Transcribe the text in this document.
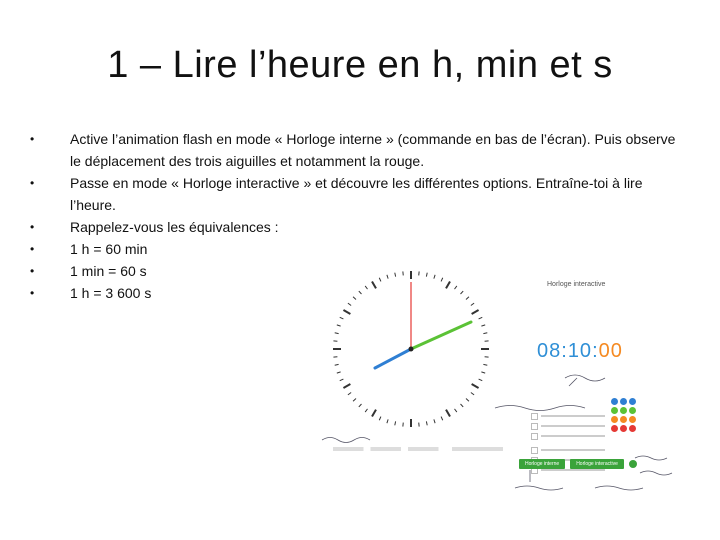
1 – Lire l’heure en h, min et s
• Active l’animation flash en mode « Horloge interne » (commande en bas de l’écran). Puis observe le déplacement des trois aiguilles et notamment la rouge.
• Passe en mode « Horloge interactive » et découvre les différentes options. Entraîne-toi à lire l’heure.
• Rappelez-vous les équivalences :
• 1 h = 60 min
• 1 min = 60 s
• 1 h = 3 600 s
Horloge interactive
08:10:00
Horloge interne	Horloge interactive
